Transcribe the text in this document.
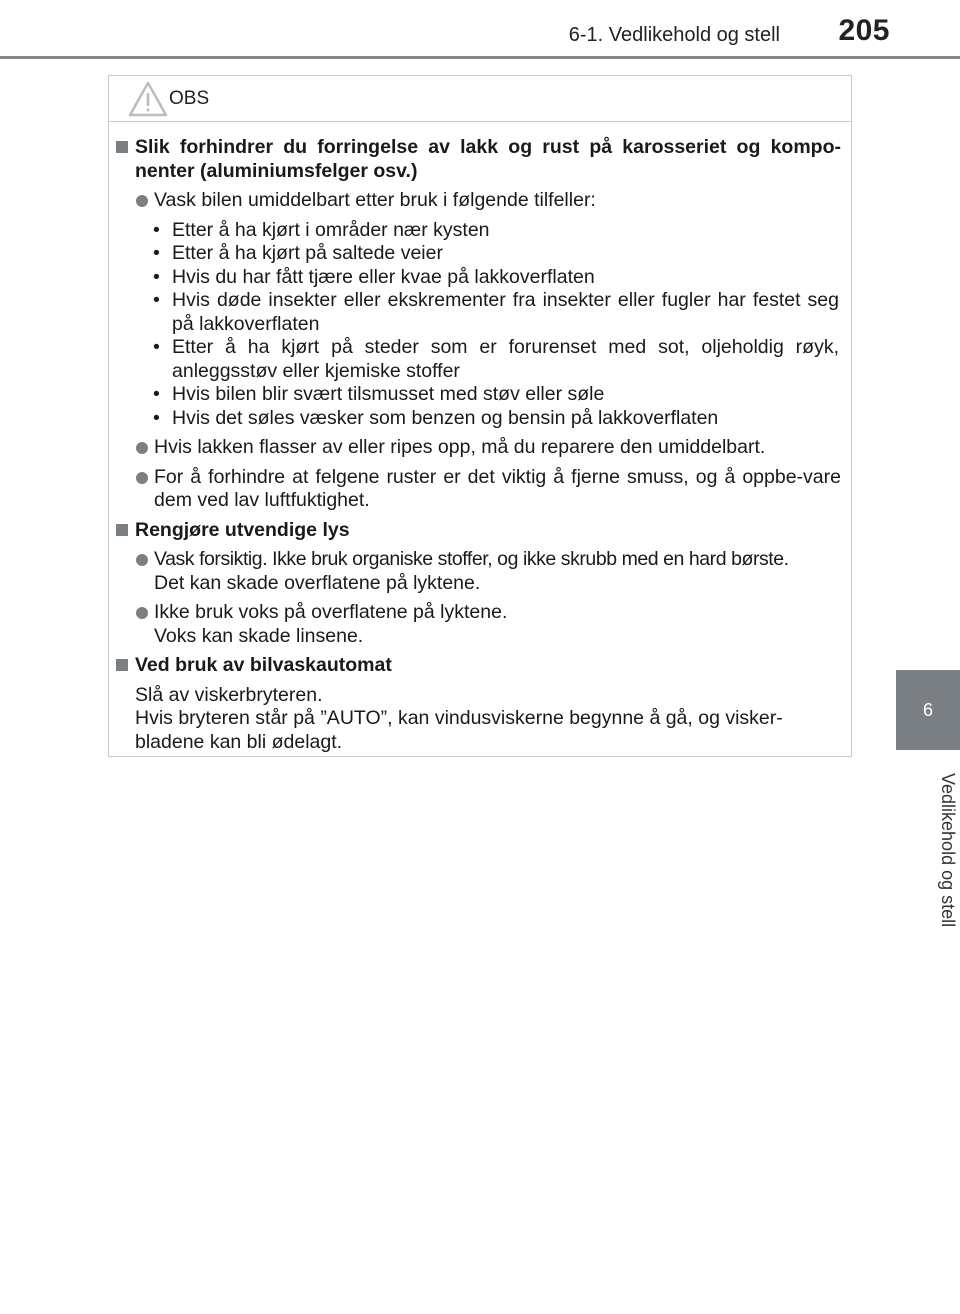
6-1. Vedlikehold og stell	205
6
Vedlikehold og stell
OBS
Slik forhindrer du forringelse av lakk og rust på karosseriet og kompo-nenter (aluminiumsfelger osv.)
Vask bilen umiddelbart etter bruk i følgende tilfeller:
• Etter å ha kjørt i områder nær kysten
• Etter å ha kjørt på saltede veier
• Hvis du har fått tjære eller kvae på lakkoverflaten
• Hvis døde insekter eller ekskrementer fra insekter eller fugler har festet seg på lakkoverflaten
• Etter å ha kjørt på steder som er forurenset med sot, oljeholdig røyk, anleggsstøv eller kjemiske stoffer
• Hvis bilen blir svært tilsmusset med støv eller søle
• Hvis det søles væsker som benzen og bensin på lakkoverflaten
Hvis lakken flasser av eller ripes opp, må du reparere den umiddelbart.
For å forhindre at felgene ruster er det viktig å fjerne smuss, og å oppbe-vare dem ved lav luftfuktighet.
Rengjøre utvendige lys
Vask forsiktig. Ikke bruk organiske stoffer, og ikke skrubb med en hard børste.
Det kan skade overflatene på lyktene.
Ikke bruk voks på overflatene på lyktene.
Voks kan skade linsene.
Ved bruk av bilvaskautomat
Slå av viskerbryteren.
Hvis bryteren står på ”AUTO”, kan vindusviskerne begynne å gå, og visker-
bladene kan bli ødelagt.
